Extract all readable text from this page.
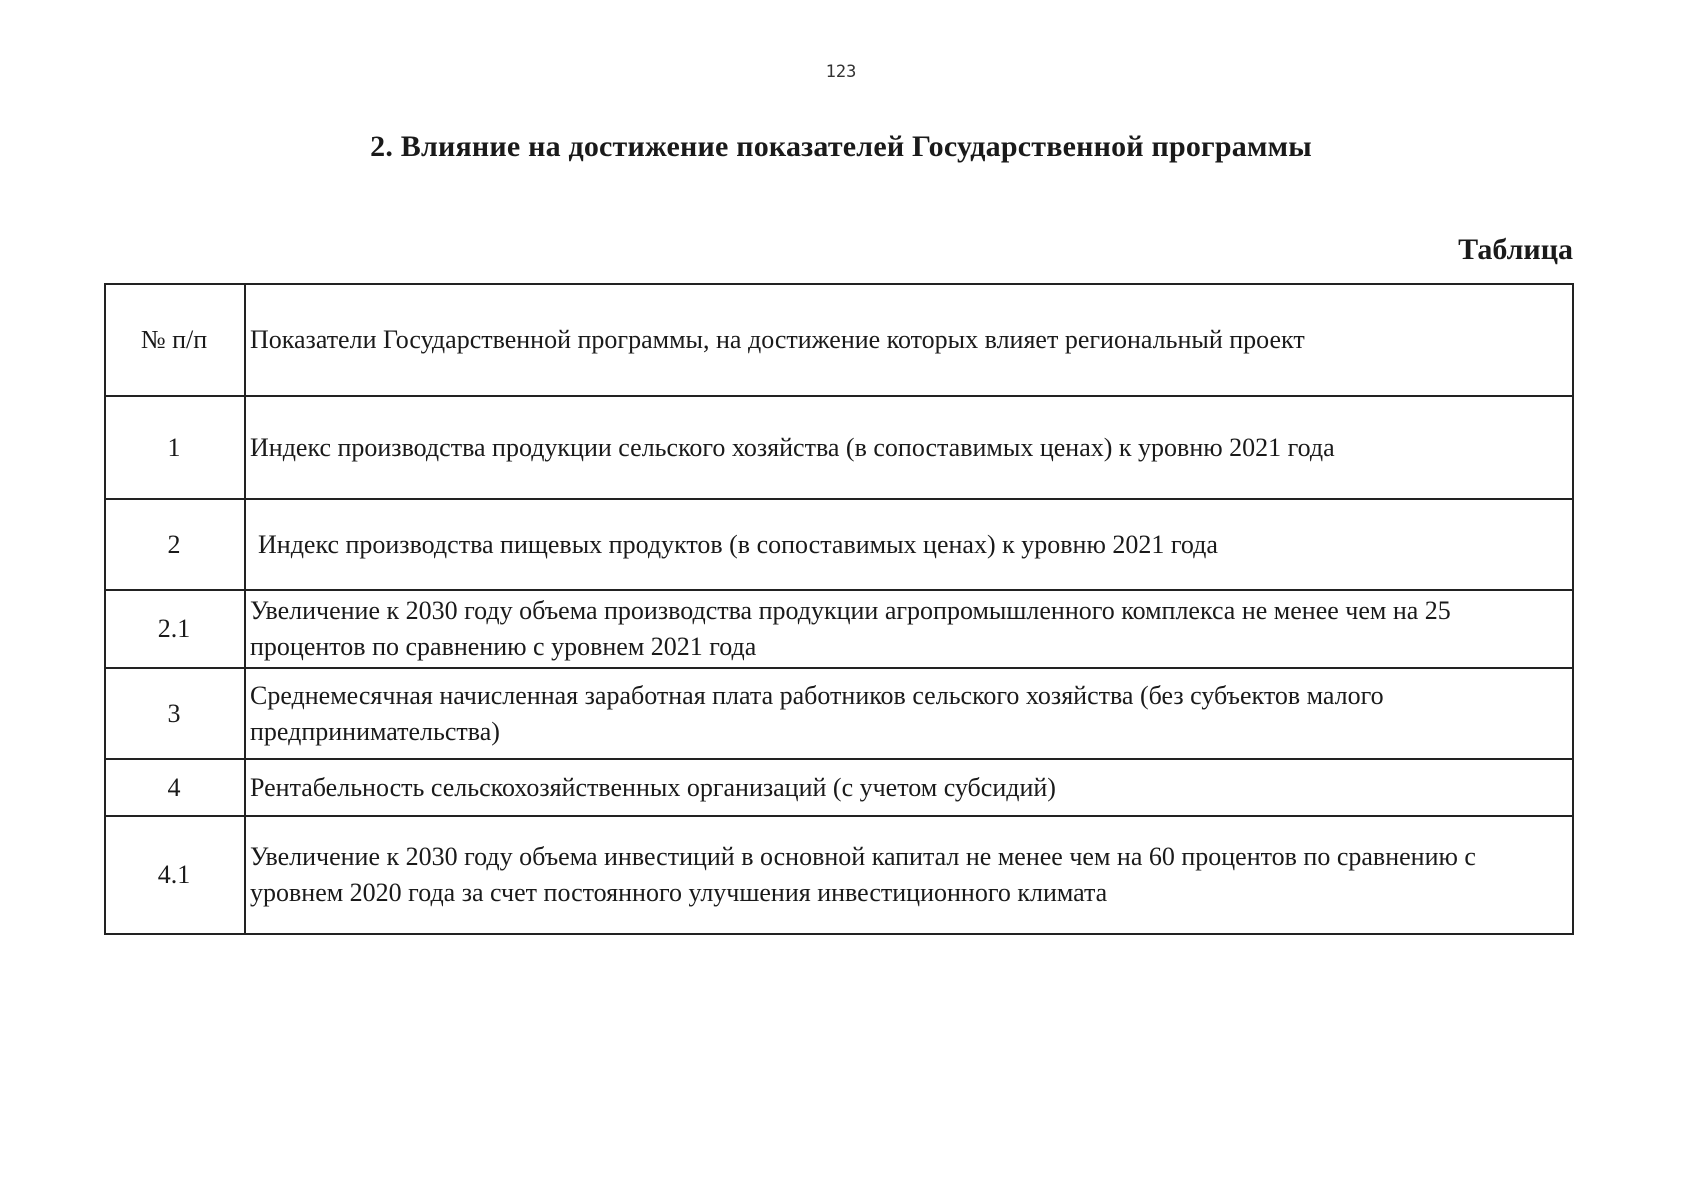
123
2. Влияние на достижение показателей Государственной программы
Таблица
№ п/п	Показатели Государственной программы, на достижение которых влияет региональный проект
1	Индекс производства продукции сельского хозяйства (в сопоставимых ценах) к уровню 2021 года
2	Индекс производства пищевых продуктов (в сопоставимых ценах) к уровню 2021 года
2.1	Увеличение к 2030 году объема производства продукции агропромышленного комплекса не менее чем на 25 процентов по сравнению с уровнем 2021 года
3	Среднемесячная начисленная заработная плата работников сельского хозяйства (без субъектов малого предпринимательства)
4	Рентабельность сельскохозяйственных организаций (с учетом субсидий)
4.1	Увеличение к 2030 году объема инвестиций в основной капитал не менее чем на 60 процентов по сравнению с уровнем 2020 года за счет постоянного улучшения инвестиционного климата
